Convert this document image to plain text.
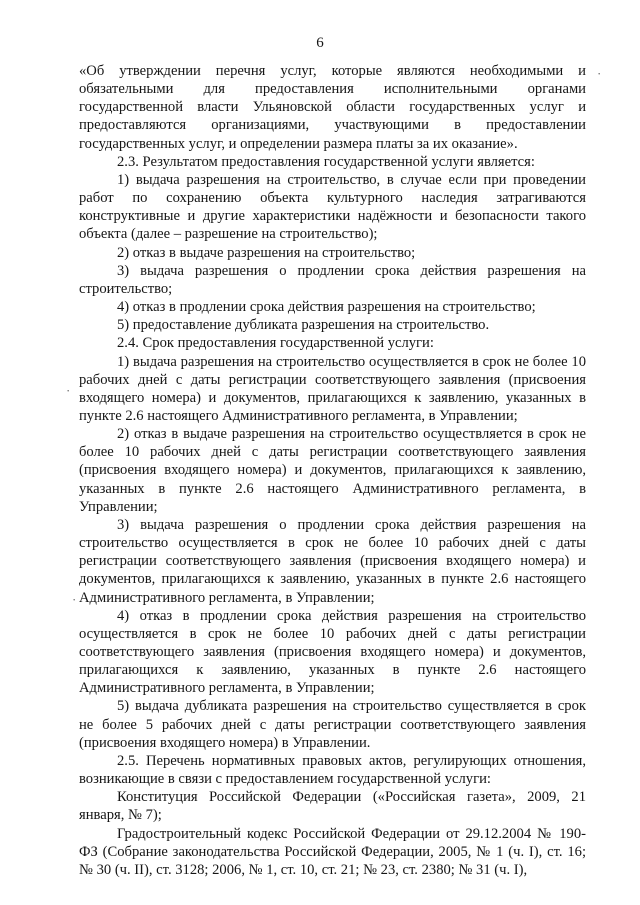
6
·
·
·

«Об утверждении перечня услуг, которые являются необходимыми и обязательными для предоставления исполнительными органами государственной власти Ульяновской области государственных услуг и предоставляются организациями, участвующими в предоставлении государственных услуг, и определении размера платы за их оказание».

2.3. Результатом предоставления государственной услуги является:

1) выдача разрешения на строительство, в случае если при проведении работ по сохранению объекта культурного наследия затрагиваются конструктивные и другие характеристики надёжности и безопасности такого объекта (далее – разрешение на строительство);

2) отказ в выдаче разрешения на строительство;

3) выдача разрешения о продлении срока действия разрешения на строительство;

4) отказ в продлении срока действия разрешения на строительство;

5) предоставление дубликата разрешения на строительство.

2.4. Срок предоставления государственной услуги:

1) выдача разрешения на строительство осуществляется в срок не более 10 рабочих дней с даты регистрации соответствующего заявления (присвоения входящего номера) и документов, прилагающихся к заявлению, указанных в пункте 2.6 настоящего Административного регламента, в Управлении;

2) отказ в выдаче разрешения на строительство осуществляется в срок не более 10 рабочих дней с даты регистрации соответствующего заявления (присвоения входящего номера) и документов, прилагающихся к заявлению, указанных в пункте 2.6 настоящего Административного регламента, в Управлении;

3) выдача разрешения о продлении срока действия разрешения на строительство осуществляется в срок не более 10 рабочих дней с даты регистрации соответствующего заявления (присвоения входящего номера) и документов, прилагающихся к заявлению, указанных в пункте 2.6 настоящего Административного регламента, в Управлении;

4) отказ в продлении срока действия разрешения на строительство осуществляется в срок не более 10 рабочих дней с даты регистрации соответствующего заявления (присвоения входящего номера) и документов, прилагающихся к заявлению, указанных в пункте 2.6 настоящего Административного регламента, в Управлении;

5) выдача дубликата разрешения на строительство существляется в срок не более 5 рабочих дней с даты регистрации соответствующего заявления (присвоения входящего номера) в Управлении.

2.5. Перечень нормативных правовых актов, регулирующих отношения, возникающие в связи с предоставлением государственной услуги:

Конституция Российской Федерации («Российская газета», 2009, 21 января, № 7);

Градостроительный кодекс Российской Федерации от 29.12.2004 № 190-ФЗ (Собрание законодательства Российской Федерации, 2005, № 1 (ч. I), ст. 16; № 30 (ч. II), ст. 3128; 2006, № 1, ст. 10, ст. 21; № 23, ст. 2380; № 31 (ч. I),
